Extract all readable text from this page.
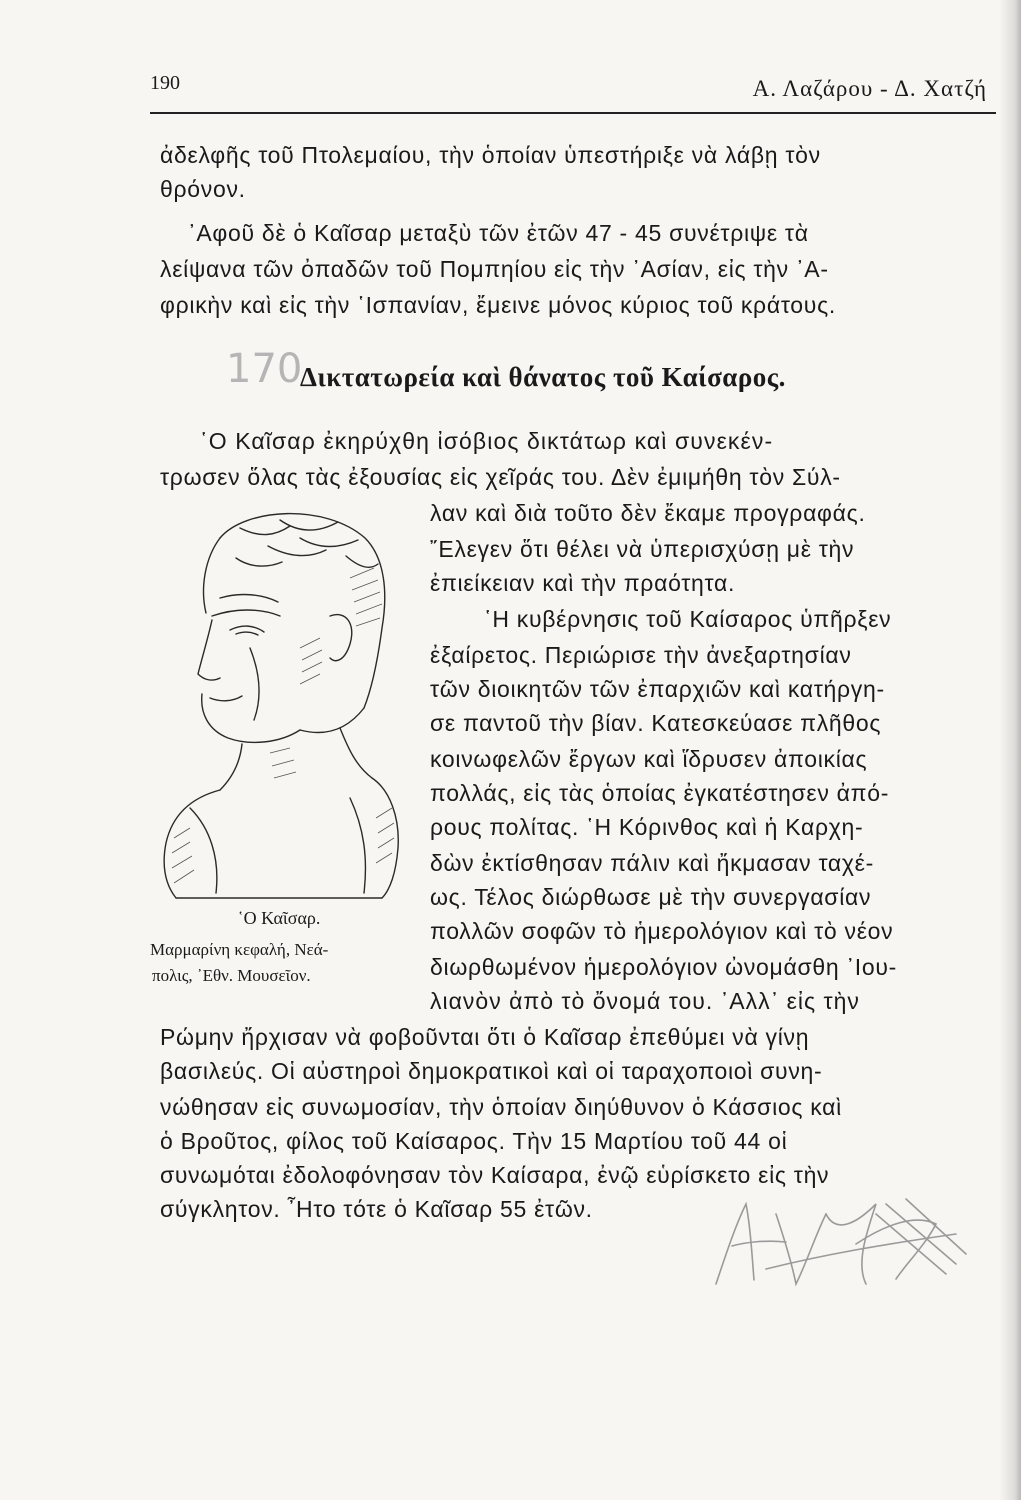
190	Α. Λαζάρου - Δ. Χατζή
ἀδελφῆς τοῦ Πτολεμαίου, τὴν ὁποίαν ὑπεστήριξε νὰ λάβῃ τὸν
θρόνον.
᾿Αφοῦ δὲ ὁ Καῖσαρ μεταξὺ τῶν ἐτῶν 47 - 45 συνέτριψε τὰ
λείψανα τῶν ὀπαδῶν τοῦ Πομπηίου εἰς τὴν ᾿Ασίαν, εἰς τὴν ᾿Α-
φρικὴν καὶ εἰς τὴν ῾Ισπανίαν, ἔμεινε μόνος κύριος τοῦ κράτους.
170
Δικτατωρεία καὶ θάνατος τοῦ Καίσαρος.
῾Ο Καῖσαρ ἐκηρύχθη ἰσόβιος δικτάτωρ καὶ συνεκέν-
τρωσεν ὅλας τὰς ἐξουσίας εἰς χεῖράς του. Δὲν ἐμιμήθη τὸν Σύλ-
λαν καὶ διὰ τοῦτο δὲν ἔκαμε προγραφάς.
῎Ελεγεν ὅτι θέλει νὰ ὑπερισχύσῃ μὲ τὴν
ἐπιείκειαν καὶ τὴν πραότητα.
῾Η κυβέρνησις τοῦ Καίσαρος ὑπῆρξεν
ἐξαίρετος. Περιώρισε τὴν ἀνεξαρτησίαν
τῶν διοικητῶν τῶν ἐπαρχιῶν καὶ κατήργη-
σε παντοῦ τὴν βίαν. Κατεσκεύασε πλῆθος
κοινωφελῶν ἔργων καὶ ἵδρυσεν ἀποικίας
πολλάς, εἰς τὰς ὁποίας ἐγκατέστησεν ἀπό-
ρους πολίτας. ῾Η Κόρινθος καὶ ἡ Καρχη-
δὼν ἐκτίσθησαν πάλιν καὶ ἤκμασαν ταχέ-
ως. Τέλος διώρθωσε μὲ τὴν συνεργασίαν
πολλῶν σοφῶν τὸ ἡμερολόγιον καὶ τὸ νέον
διωρθωμένον ἡμερολόγιον ὠνομάσθη ᾿Ιου-
λιανὸν ἀπὸ τὸ ὄνομά του. ᾿Αλλ᾿ εἰς τὴν
Ρώμην ἤρχισαν νὰ φοβοῦνται ὅτι ὁ Καῖσαρ ἐπεθύμει νὰ γίνῃ
βασιλεύς. Οἱ αὐστηροὶ δημοκρατικοὶ καὶ οἱ ταραχοποιοὶ συνη-
νώθησαν εἰς συνωμοσίαν, τὴν ὁποίαν διηύθυνον ὁ Κάσσιος καὶ
ὁ Βροῦτος, φίλος τοῦ Καίσαρος. Τὴν 15 Μαρτίου τοῦ 44 οἱ
συνωμόται ἐδολοφόνησαν τὸν Καίσαρα, ἐνῷ εὑρίσκετο εἰς τὴν
σύγκλητον. ῏Ητο τότε ὁ Καῖσαρ 55 ἐτῶν.
῾Ο Καῖσαρ.
Μαρμαρίνη κεφαλή, Νεά-
πολις, ᾿Εθν. Μουσεῖον.
